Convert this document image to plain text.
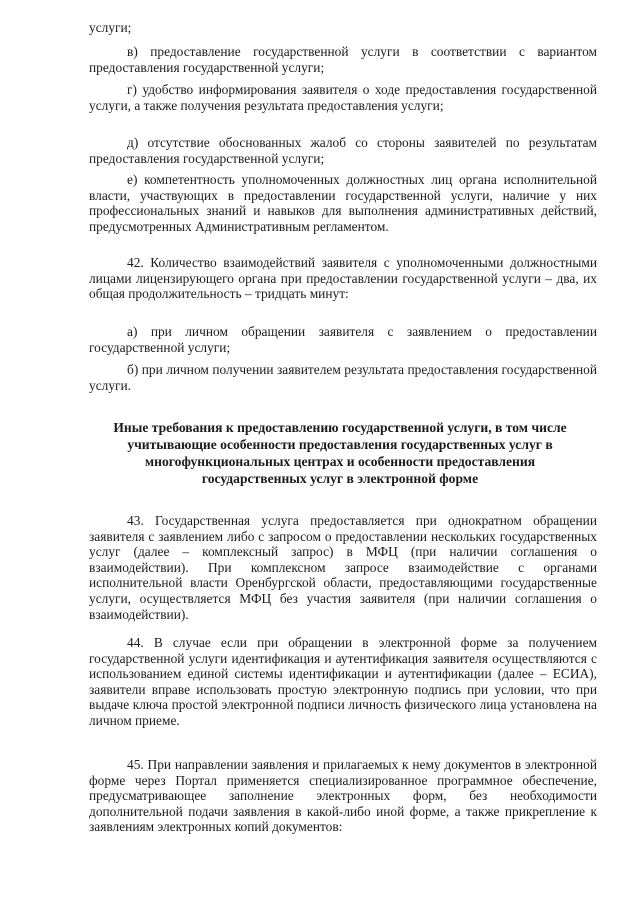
услуги;

в) предоставление государственной услуги в соответствии с вариантом предоставления государственной услуги;

г) удобство информирования заявителя о ходе предоставления государственной услуги, а также получения результата предоставления услуги;

д) отсутствие обоснованных жалоб со стороны заявителей по результатам предоставления государственной услуги;

е) компетентность уполномоченных должностных лиц органа исполнительной власти, участвующих в предоставлении государственной услуги, наличие у них профессиональных знаний и навыков для выполнения административных действий, предусмотренных Административным регламентом.

42. Количество взаимодействий заявителя с уполномоченными должностными лицами лицензирующего органа при предоставлении государственной услуги – два, их общая продолжительность – тридцать минут:

а) при личном обращении заявителя с заявлением о предоставлении государственной услуги;

б) при личном получении заявителем результата предоставления государственной услуги.

Иные требования к предоставлению государственной услуги, в том числе учитывающие особенности предоставления государственных услуг в многофункциональных центрах и особенности предоставления государственных услуг в электронной форме

43. Государственная услуга предоставляется при однократном обращении заявителя с заявлением либо с запросом о предоставлении нескольких государственных услуг (далее – комплексный запрос) в МФЦ (при наличии соглашения о взаимодействии). При комплексном запросе взаимодействие с органами исполнительной власти Оренбургской области, предоставляющими государственные услуги, осуществляется МФЦ без участия заявителя (при наличии соглашения о взаимодействии).

44. В случае если при обращении в электронной форме за получением государственной услуги идентификация и аутентификация заявителя осуществляются с использованием единой системы идентификации и аутентификации (далее – ЕСИА), заявители вправе использовать простую электронную подпись при условии, что при выдаче ключа простой электронной подписи личность физического лица установлена на личном приеме.

45. При направлении заявления и прилагаемых к нему документов в электронной форме через Портал применяется специализированное программное обеспечение, предусматривающее заполнение электронных форм, без необходимости дополнительной подачи заявления в какой-либо иной форме, а также прикрепление к заявлениям электронных копий документов:
